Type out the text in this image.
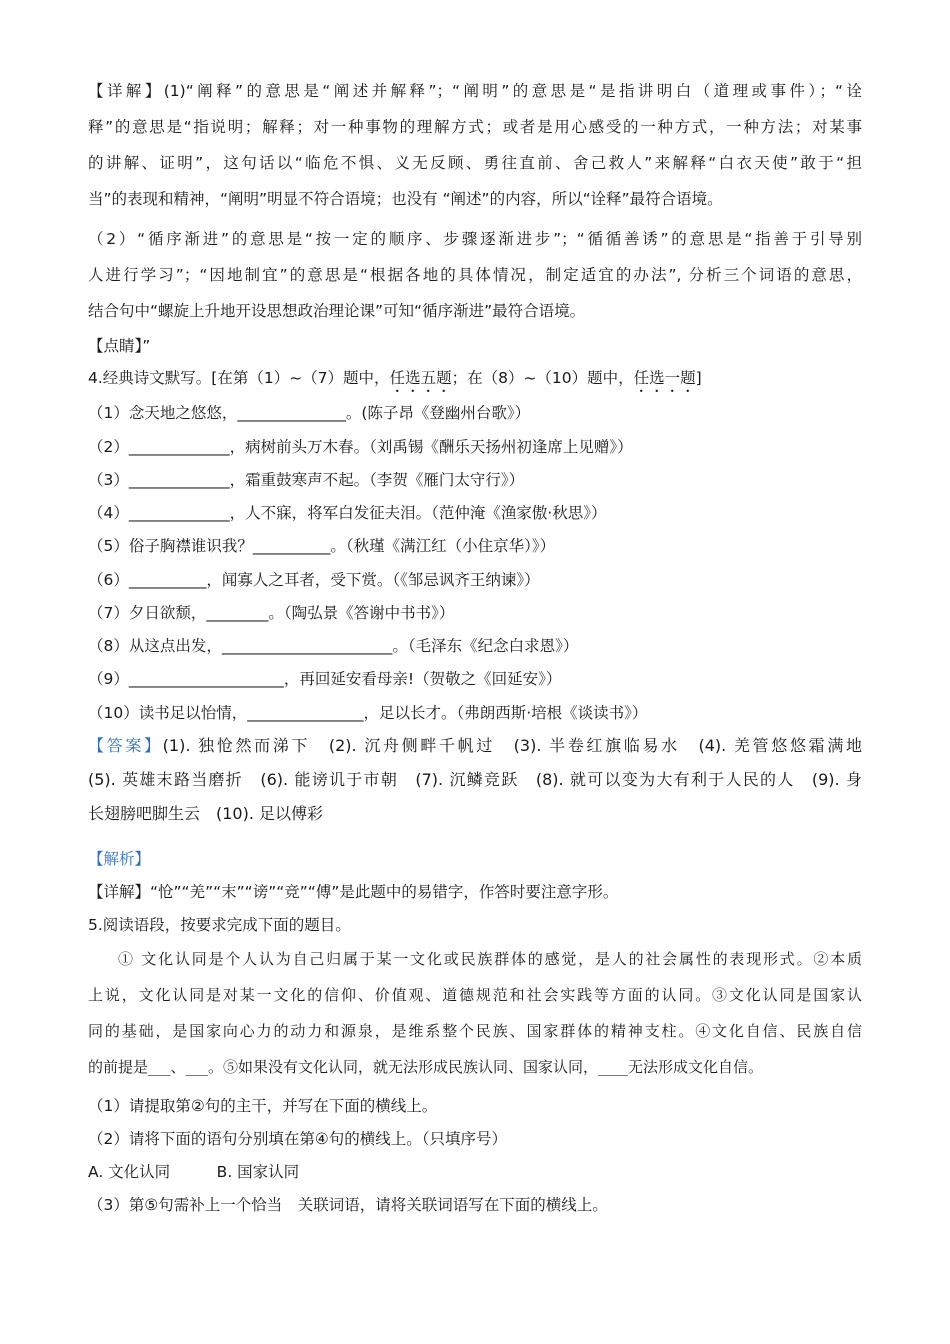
【详解】(1)“阐释”的意思是“阐述并解释”；“阐明”的意思是“是指讲明白（道理或事件）；“诠
释”的意思是“指说明；解释；对一种事物的理解方式；或者是用心感受的一种方式，一种方法；对某事
的讲解、证明”，这句话以“临危不惧、义无反顾、勇往直前、舍己救人”来解释“白衣天使”敢于“担
当”的表现和精神，“阐明”明显不符合语境；也没有 “阐述”的内容，所以“诠释”最符合语境。
（2）“循序渐进”的意思是“按一定的顺序、步骤逐渐进步”；“循循善诱”的意思是“指善于引导别
人进行学习”；“因地制宜”的意思是“根据各地的具体情况，制定适宜的办法”, 分析三个词语的意思，
结合句中“螺旋上升地开设思想政治理论课”可知“循序渐进”最符合语境。
【点睛】”
4.经典诗文默写。[在第（1）~（7）题中，任选五题；在（8）~（10）题中，任选一题]
（1）念天地之悠悠，______________。(陈子昂《登幽州台歌》）
（2）_____________，病树前头万木春。（刘禹锡《酬乐天扬州初逢席上见赠》）
（3）_____________，霜重鼓寒声不起。（李贺《雁门太守行》）
（4）_____________，人不寐，将军白发征夫泪。（范仲淹《渔家傲·秋思》）
（5）俗子胸襟谁识我？__________。（秋瑾《满江红（小住京华）》）
（6）__________，闻寡人之耳者，受下赏。（《邹忌讽齐王纳谏》）
（7）夕日欲颓，________。（陶弘景《答谢中书书》）
（8）从这点出发，______________________。（毛泽东《纪念白求恩》）
（9）____________________，再回延安看母亲!（贺敬之《回延安》）
（10）读书足以怡情，_______________，足以长才。（弗朗西斯·培根《谈读书》）
【答案】(1). 独怆然而涕下　(2). 沉舟侧畔千帆过　(3). 半卷红旗临易水　(4). 羌管悠悠霜满地
(5). 英雄末路当磨折　(6). 能谤讥于市朝　(7). 沉鳞竞跃　(8). 就可以变为大有利于人民的人　(9). 身
长翅膀吧脚生云　(10). 足以傅彩
【解析】
【详解】“怆”“羌”“末”“谤”“竞”“傅”是此题中的易错字，作答时要注意字形。
5.阅读语段，按要求完成下面的题目。
① 文化认同是个人认为自己归属于某一文化或民族群体的感觉，是人的社会属性的表现形式。②本质
上说，文化认同是对某一文化的信仰、价值观、道德规范和社会实践等方面的认同。③文化认同是国家认
同的基础，是国家向心力的动力和源泉，是维系整个民族、国家群体的精神支柱。④文化自信、民族自信
的前提是___、___。⑤如果没有文化认同，就无法形成民族认同、国家认同，____无法形成文化自信。
（1）请提取第②句的主干，并写在下面的横线上。
（2）请将下面的语句分别填在第④句的横线上。（只填序号）
A. 文化认同　　　B. 国家认同
（3）第⑤句需补上一个恰当　关联词语，请将关联词语写在下面的横线上。
